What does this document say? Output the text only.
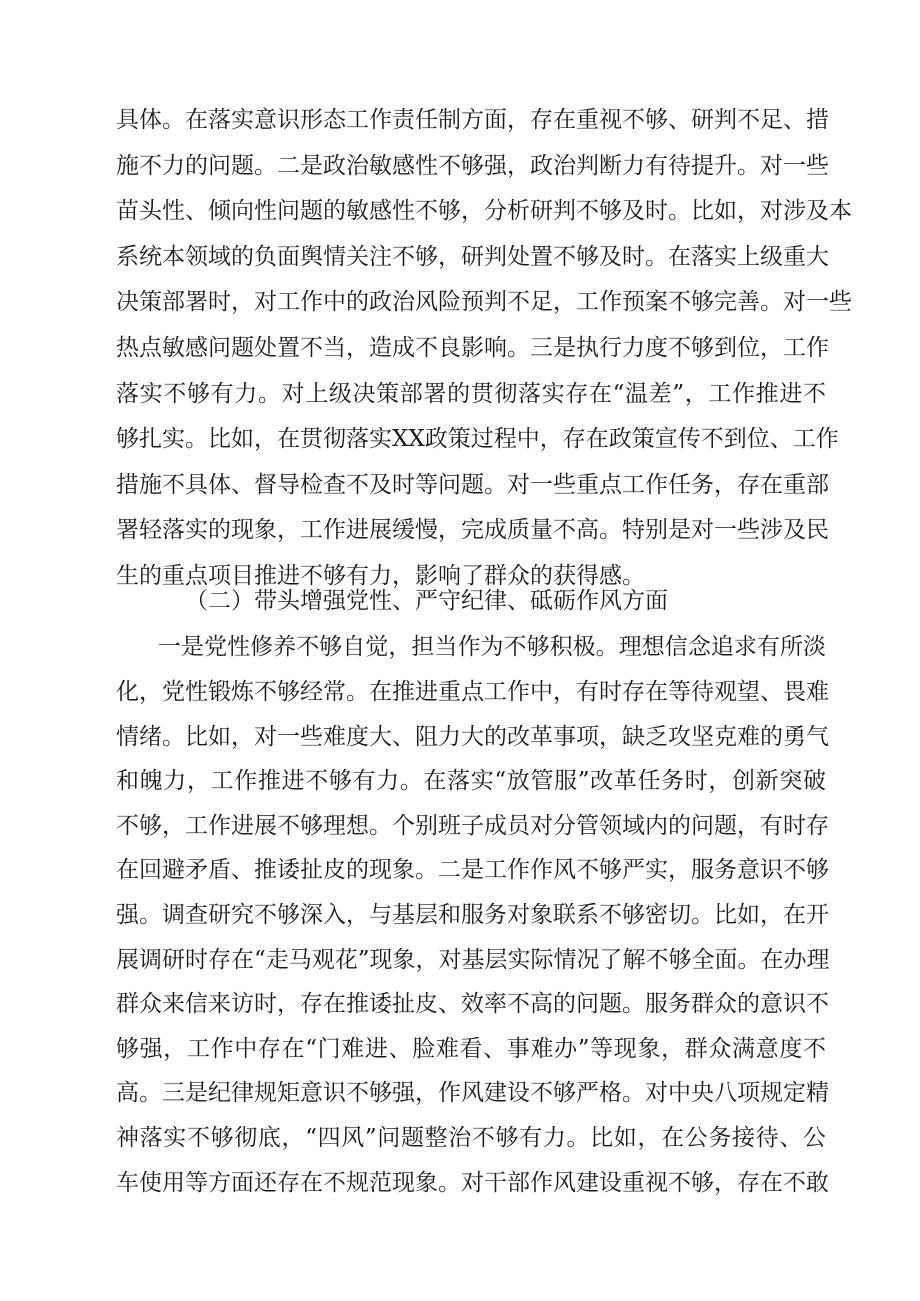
具体。在落实意识形态工作责任制方面，存在重视不够、研判不足、措
施不力的问题。二是政治敏感性不够强，政治判断力有待提升。对一些
苗头性、倾向性问题的敏感性不够，分析研判不够及时。比如，对涉及本
系统本领域的负面舆情关注不够，研判处置不够及时。在落实上级重大
决策部署时，对工作中的政治风险预判不足，工作预案不够完善。对一些
热点敏感问题处置不当，造成不良影响。三是执行力度不够到位，工作
落实不够有力。对上级决策部署的贯彻落实存在“温差”，工作推进不
够扎实。比如，在贯彻落实XX政策过程中，存在政策宣传不到位、工作
措施不具体、督导检查不及时等问题。对一些重点工作任务，存在重部
署轻落实的现象，工作进展缓慢，完成质量不高。特别是对一些涉及民
生的重点项目推进不够有力，影响了群众的获得感。
（二）带头增强党性、严守纪律、砥砺作风方面
一是党性修养不够自觉，担当作为不够积极。理想信念追求有所淡
化，党性锻炼不够经常。在推进重点工作中，有时存在等待观望、畏难
情绪。比如，对一些难度大、阻力大的改革事项，缺乏攻坚克难的勇气
和魄力，工作推进不够有力。在落实“放管服”改革任务时，创新突破
不够，工作进展不够理想。个别班子成员对分管领域内的问题，有时存
在回避矛盾、推诿扯皮的现象。二是工作作风不够严实，服务意识不够
强。调查研究不够深入，与基层和服务对象联系不够密切。比如，在开
展调研时存在“走马观花”现象，对基层实际情况了解不够全面。在办理
群众来信来访时，存在推诿扯皮、效率不高的问题。服务群众的意识不
够强，工作中存在“门难进、脸难看、事难办”等现象，群众满意度不
高。三是纪律规矩意识不够强，作风建设不够严格。对中央八项规定精
神落实不够彻底，“四风”问题整治不够有力。比如，在公务接待、公
车使用等方面还存在不规范现象。对干部作风建设重视不够，存在不敢
